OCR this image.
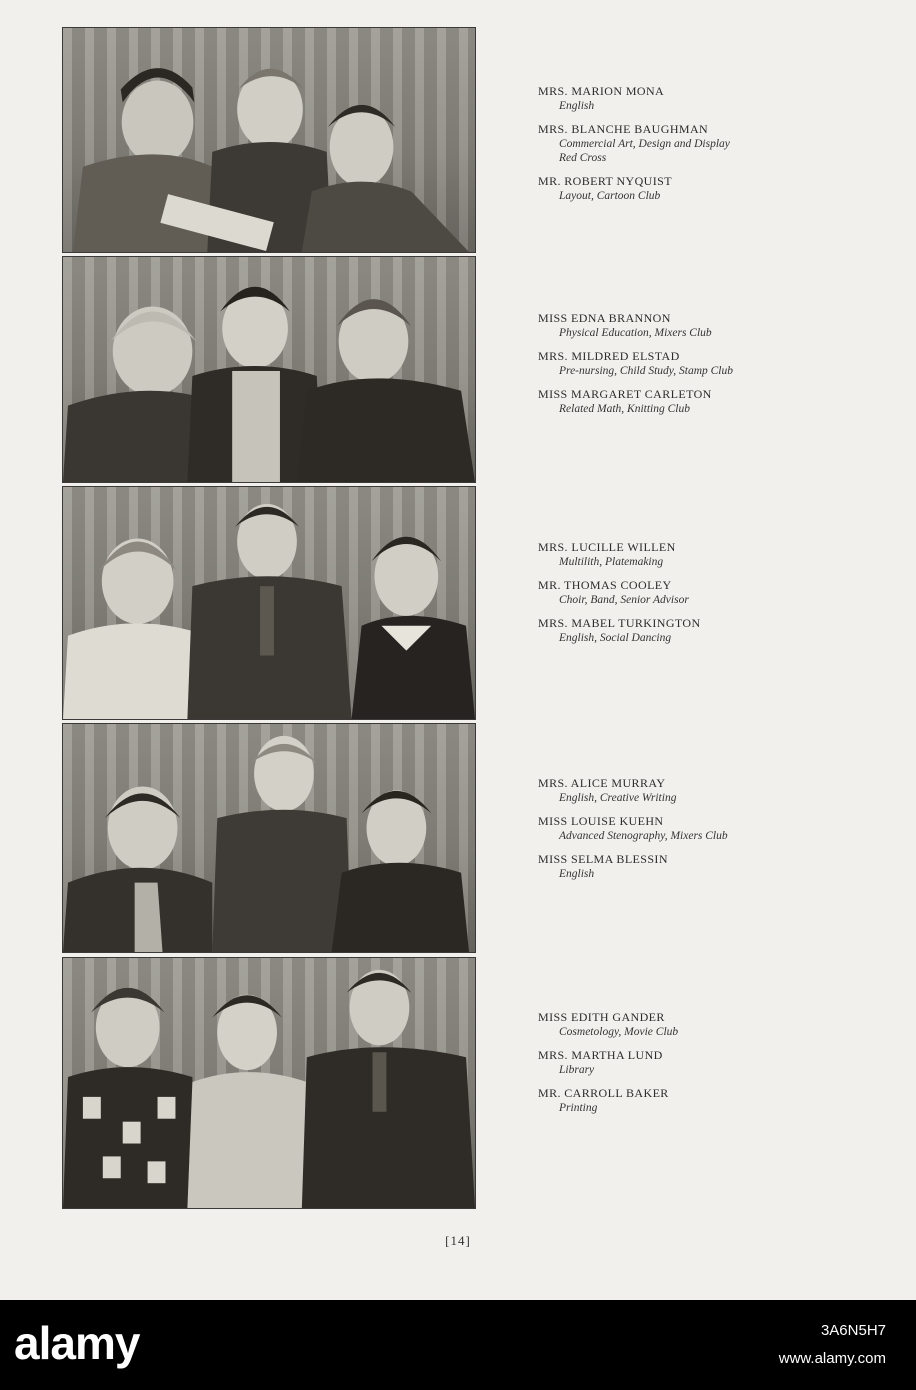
MRS. MARION MONA
English
MRS. BLANCHE BAUGHMAN
Commercial Art, Design and Display
Red Cross
MR. ROBERT NYQUIST
Layout, Cartoon Club
MISS EDNA BRANNON
Physical Education, Mixers Club
MRS. MILDRED ELSTAD
Pre-nursing, Child Study, Stamp Club
MISS MARGARET CARLETON
Related Math, Knitting Club
MRS. LUCILLE WILLEN
Multilith, Platemaking
MR. THOMAS COOLEY
Choir, Band, Senior Advisor
MRS. MABEL TURKINGTON
English, Social Dancing
MRS. ALICE MURRAY
English, Creative Writing
MISS LOUISE KUEHN
Advanced Stenography, Mixers Club
MISS SELMA BLESSIN
English
MISS EDITH GANDER
Cosmetology, Movie Club
MRS. MARTHA LUND
Library
MR. CARROLL BAKER
Printing
[14]
alamy	3A6N5H7
www.alamy.com
